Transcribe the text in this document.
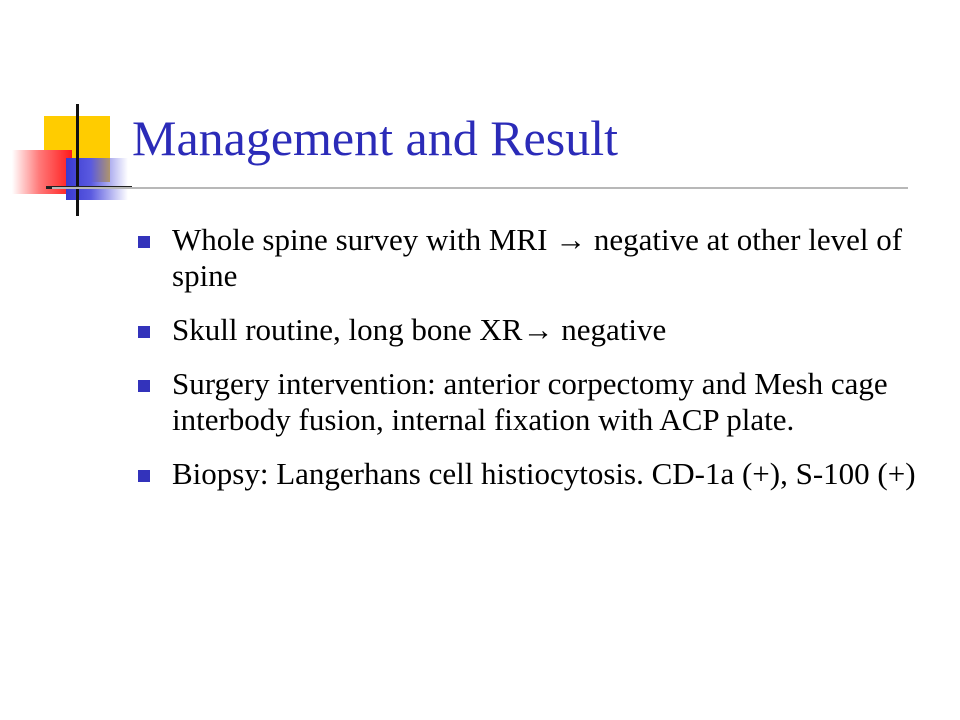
Management and Result
Whole spine survey with MRI → negative at other level of spine
Skull routine, long bone XR→ negative
Surgery intervention: anterior corpectomy and Mesh cage interbody fusion, internal fixation with ACP plate.
Biopsy: Langerhans cell histiocytosis. CD-1a (+), S-100 (+)
